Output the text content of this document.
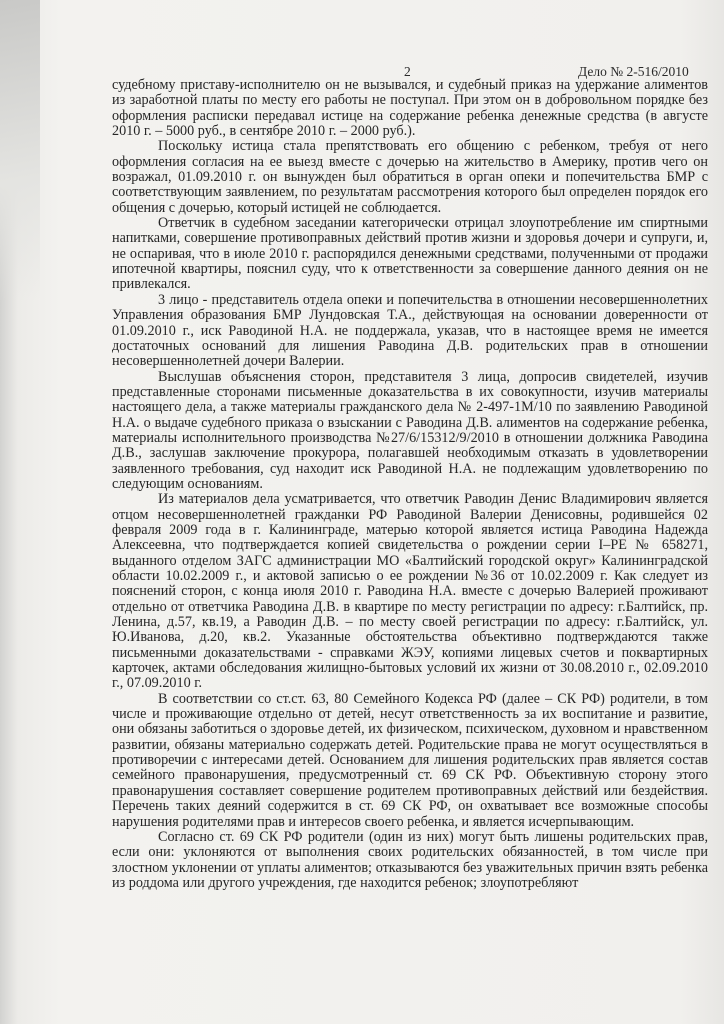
2	Дело № 2-516/2010

судебному приставу-исполнителю он не вызывался, и судебный приказ на удержание алиментов из заработной платы по месту его работы не поступал. При этом он в добровольном порядке без оформления расписки передавал истице на содержание ребенка денежные средства (в августе 2010 г. – 5000 руб., в сентябре 2010 г. – 2000 руб.).

Поскольку истица стала препятствовать его общению с ребенком, требуя от него оформления согласия на ее выезд вместе с дочерью на жительство в Америку, против чего он возражал, 01.09.2010 г. он вынужден был обратиться в орган опеки и попечительства БМР с соответствующим заявлением, по результатам рассмотрения которого был определен порядок его общения с дочерью, который истицей не соблюдается.

Ответчик в судебном заседании категорически отрицал злоупотребление им спиртными напитками, совершение противоправных действий против жизни и здоровья дочери и супруги, и, не оспаривая, что в июле 2010 г. распорядился денежными средствами, полученными от продажи ипотечной квартиры, пояснил суду, что к ответственности за совершение данного деяния он не привлекался.

3 лицо - представитель отдела опеки и попечительства в отношении несовершеннолетних Управления образования БМР Лундовская Т.А., действующая на основании доверенности от 01.09.2010 г., иск Раводиной Н.А. не поддержала, указав, что в настоящее время не имеется достаточных оснований для лишения Раводина Д.В. родительских прав в отношении несовершеннолетней дочери Валерии.

Выслушав объяснения сторон, представителя 3 лица, допросив свидетелей, изучив представленные сторонами письменные доказательства в их совокупности, изучив материалы настоящего дела, а также материалы гражданского дела № 2-497-1М/10 по заявлению Раводиной Н.А. о выдаче судебного приказа о взыскании с Раводина Д.В. алиментов на содержание ребенка, материалы исполнительного производства №27/6/15312/9/2010 в отношении должника Раводина Д.В., заслушав заключение прокурора, полагавшей необходимым отказать в удовлетворении заявленного требования, суд находит иск Раводиной Н.А. не подлежащим удовлетворению по следующим основаниям.

Из материалов дела усматривается, что ответчик Раводин Денис Владимирович является отцом несовершеннолетней гражданки РФ Раводиной Валерии Денисовны, родившейся 02 февраля 2009 года в г. Калининграде, матерью которой является истица Раводина Надежда Алексеевна, что подтверждается копией свидетельства о рождении серии I–РЕ № 658271, выданного отделом ЗАГС администрации МО «Балтийский городской округ» Калининградской области 10.02.2009 г., и актовой записью о ее рождении №36 от 10.02.2009 г. Как следует из пояснений сторон, с конца июля 2010 г. Раводина Н.А. вместе с дочерью Валерией проживают отдельно от ответчика Раводина Д.В. в квартире по месту регистрации по адресу: г.Балтийск, пр. Ленина, д.57, кв.19, а Раводин Д.В. – по месту своей регистрации по адресу: г.Балтийск, ул. Ю.Иванова, д.20, кв.2. Указанные обстоятельства объективно подтверждаются также письменными доказательствами - справками ЖЭУ, копиями лицевых счетов и поквартирных карточек, актами обследования жилищно-бытовых условий их жизни от 30.08.2010 г., 02.09.2010 г., 07.09.2010 г.

В соответствии со ст.ст. 63, 80 Семейного Кодекса РФ (далее – СК РФ) родители, в том числе и проживающие отдельно от детей, несут ответственность за их воспитание и развитие, они обязаны заботиться о здоровье детей, их физическом, психическом, духовном и нравственном развитии, обязаны материально содержать детей. Родительские права не могут осуществляться в противоречии с интересами детей. Основанием для лишения родительских прав является состав семейного правонарушения, предусмотренный ст. 69 СК РФ. Объективную сторону этого правонарушения составляет совершение родителем противоправных действий или бездействия. Перечень таких деяний содержится в ст. 69 СК РФ, он охватывает все возможные способы нарушения родителями прав и интересов своего ребенка, и является исчерпывающим.

Согласно ст. 69 СК РФ родители (один из них) могут быть лишены родительских прав, если они: уклоняются от выполнения своих родительских обязанностей, в том числе при злостном уклонении от уплаты алиментов; отказываются без уважительных причин взять ребенка из роддома или другого учреждения, где находится ребенок; злоупотребляют
